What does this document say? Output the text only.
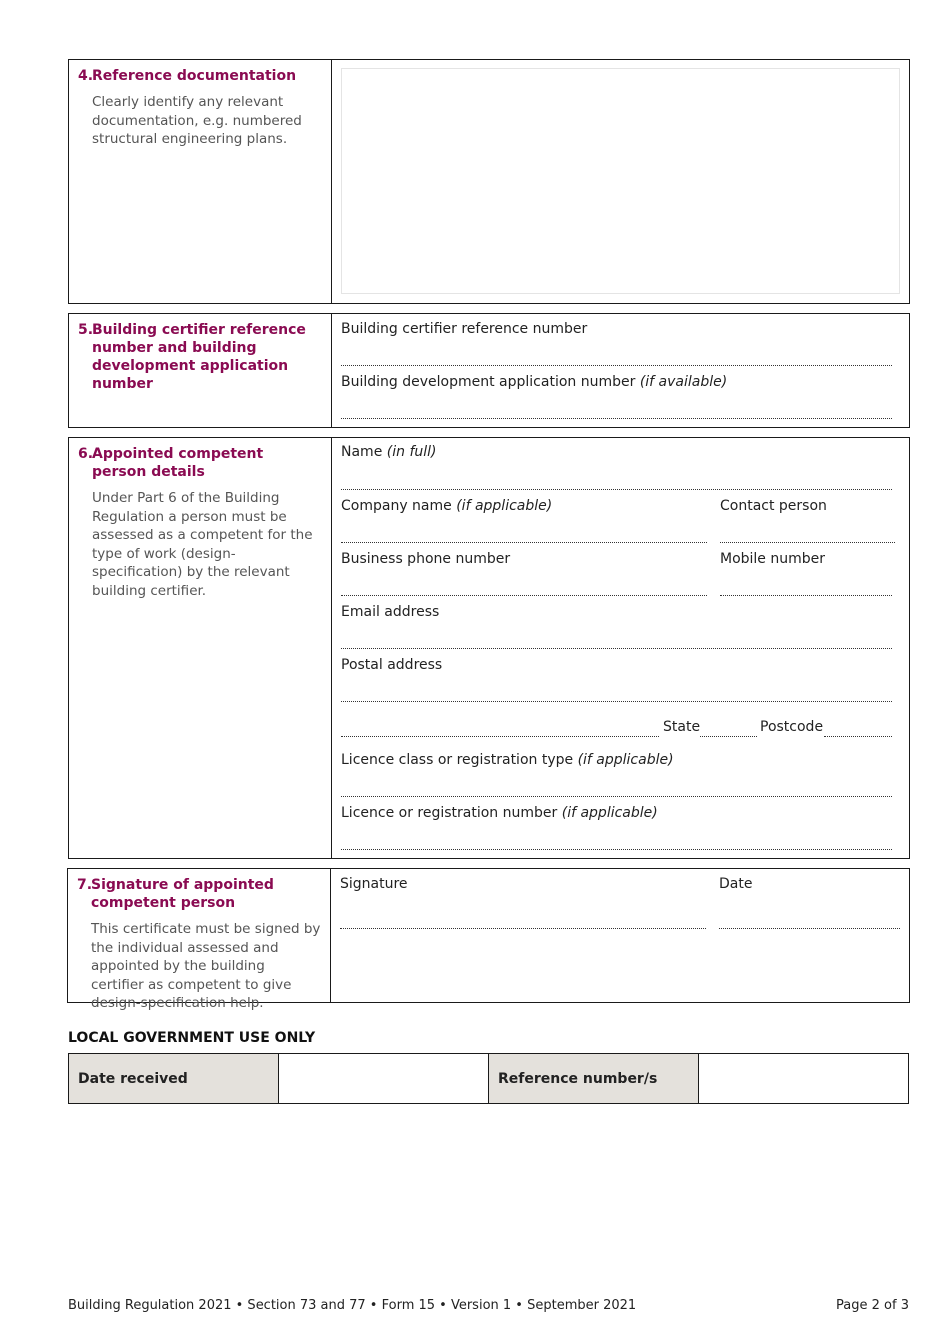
4.Reference documentation
Clearly identify any relevant documentation, e.g. numbered structural engineering plans.
5.Building certifier reference number and building development application number
Building certifier reference number
Building development application number (if available)
6.Appointed competent person details
Under Part 6 of the Building Regulation a person must be assessed as a competent for the type of work (design-specification) by the relevant building certifier.
Name (in full)
Company name (if applicable)	Contact person
Business phone number	Mobile number
Email address
Postal address
State	Postcode
Licence class or registration type (if applicable)
Licence or registration number (if applicable)
7.Signature of appointed competent person
This certificate must be signed by the individual assessed and appointed by the building certifier as competent to give design-specification help.
Signature	Date
LOCAL GOVERNMENT USE ONLY
Date received	Reference number/s
Building Regulation 2021 • Section 73 and 77 • Form 15 • Version 1 • September 2021	Page 2 of 3
